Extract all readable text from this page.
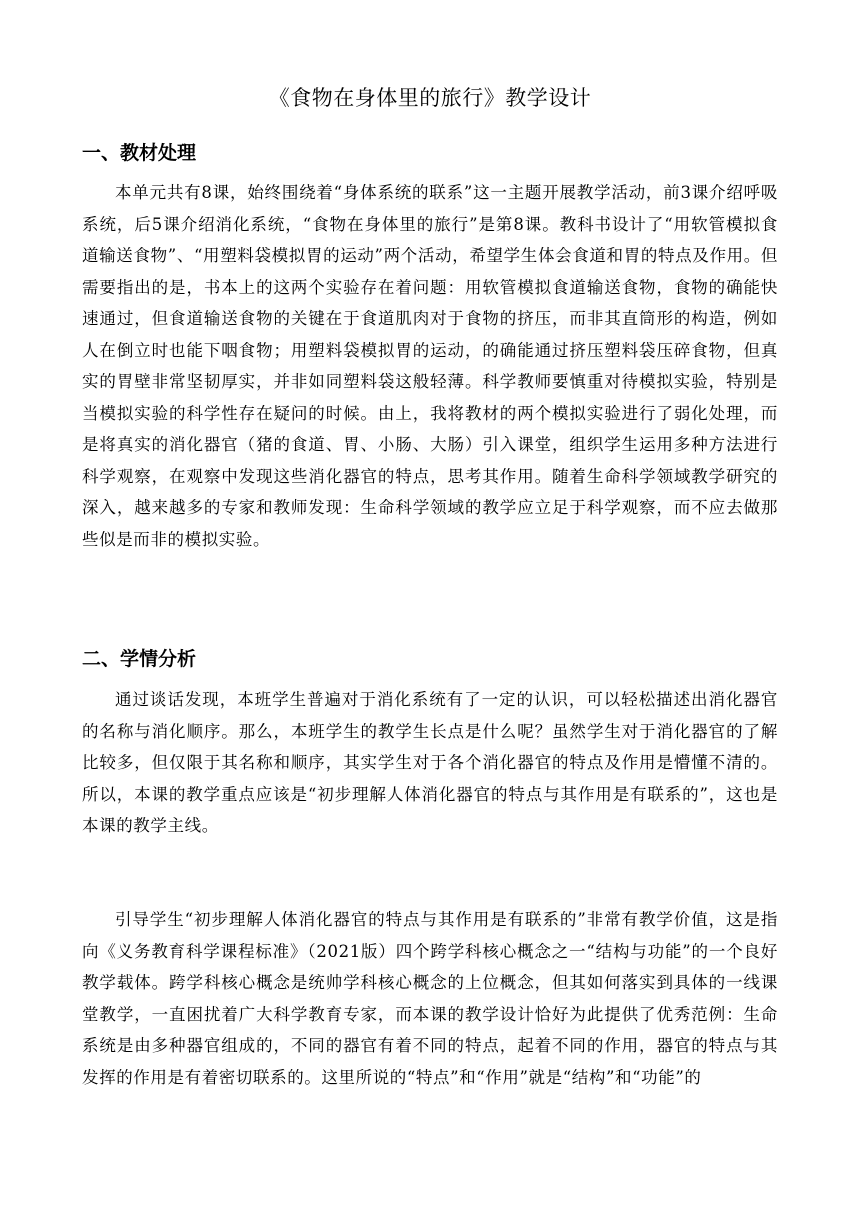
《食物在身体里的旅行》教学设计
一、教材处理

本单元共有8课，始终围绕着“身体系统的联系”这一主题开展教学活动，前3课介绍呼吸系统，后5课介绍消化系统，“食物在身体里的旅行”是第8课。教科书设计了“用软管模拟食道输送食物”、“用塑料袋模拟胃的运动”两个活动，希望学生体会食道和胃的特点及作用。但需要指出的是，书本上的这两个实验存在着问题：用软管模拟食道输送食物，食物的确能快速通过，但食道输送食物的关键在于食道肌肉对于食物的挤压，而非其直筒形的构造，例如人在倒立时也能下咽食物；用塑料袋模拟胃的运动，的确能通过挤压塑料袋压碎食物，但真实的胃壁非常坚韧厚实，并非如同塑料袋这般轻薄。科学教师要慎重对待模拟实验，特别是当模拟实验的科学性存在疑问的时候。由上，我将教材的两个模拟实验进行了弱化处理，而是将真实的消化器官（猪的食道、胃、小肠、大肠）引入课堂，组织学生运用多种方法进行科学观察，在观察中发现这些消化器官的特点，思考其作用。随着生命科学领域教学研究的深入，越来越多的专家和教师发现：生命科学领域的教学应立足于科学观察，而不应去做那些似是而非的模拟实验。

二、学情分析

通过谈话发现，本班学生普遍对于消化系统有了一定的认识，可以轻松描述出消化器官的名称与消化顺序。那么，本班学生的教学生长点是什么呢？虽然学生对于消化器官的了解比较多，但仅限于其名称和顺序，其实学生对于各个消化器官的特点及作用是懵懂不清的。所以，本课的教学重点应该是“初步理解人体消化器官的特点与其作用是有联系的”，这也是本课的教学主线。

引导学生“初步理解人体消化器官的特点与其作用是有联系的”非常有教学价值，这是指向《义务教育科学课程标准》（2021版）四个跨学科核心概念之一“结构与功能”的一个良好教学载体。跨学科核心概念是统帅学科核心概念的上位概念，但其如何落实到具体的一线课堂教学，一直困扰着广大科学教育专家，而本课的教学设计恰好为此提供了优秀范例：生命系统是由多种器官组成的，不同的器官有着不同的特点，起着不同的作用，器官的特点与其发挥的作用是有着密切联系的。这里所说的“特点”和“作用”就是“结构”和“功能”的
